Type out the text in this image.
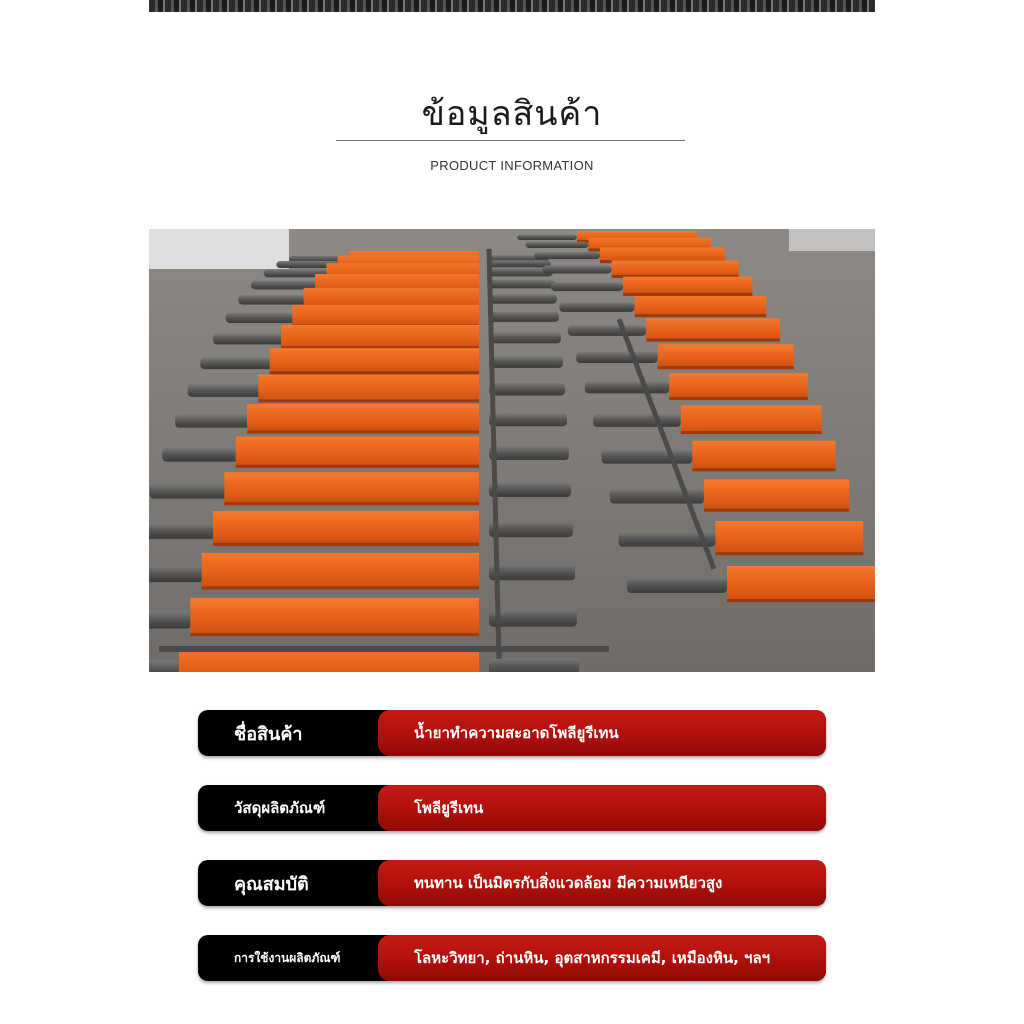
ข้อมูลสินค้า
PRODUCT INFORMATION
ชื่อสินค้า	น้ำยาทำความสะอาดโพลียูรีเทน
วัสดุผลิตภัณฑ์	โพลียูรีเทน
คุณสมบัติ	ทนทาน เป็นมิตรกับสิ่งแวดล้อม มีความเหนียวสูง
การใช้งานผลิตภัณฑ์	โลหะวิทยา, ถ่านหิน, อุตสาหกรรมเคมี, เหมืองหิน, ฯลฯ
